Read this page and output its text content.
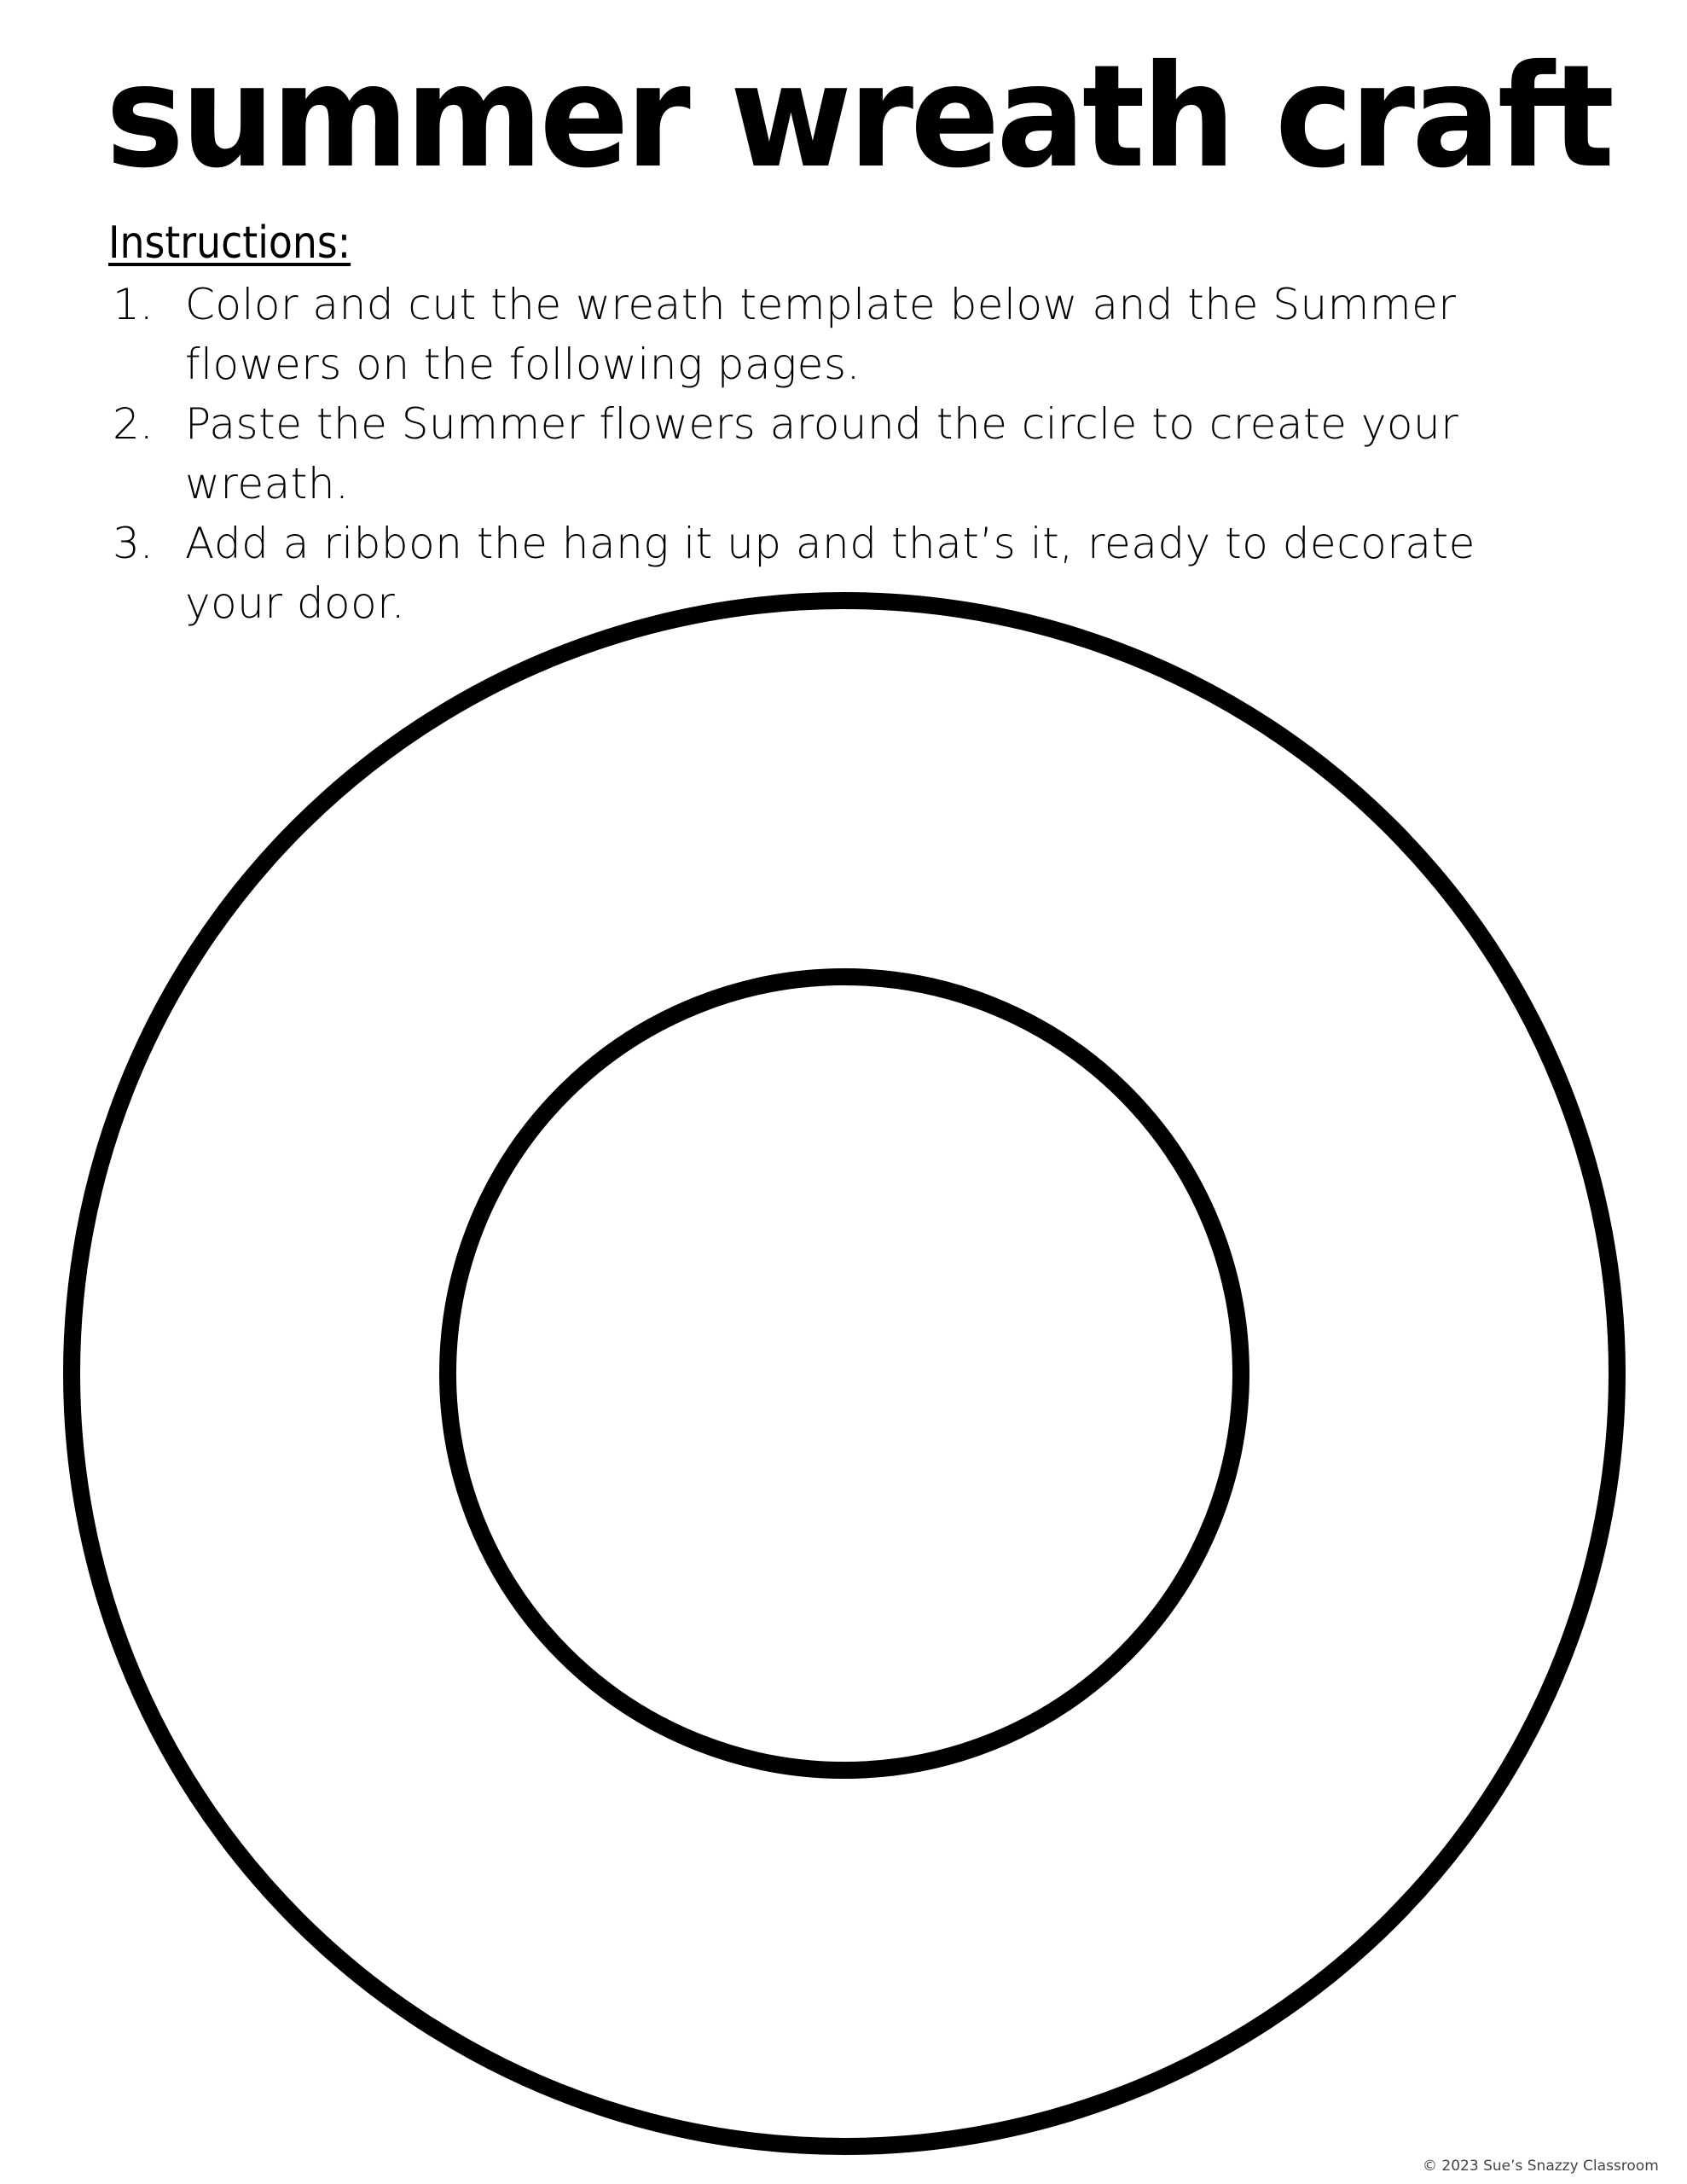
summer wreath craft
Instructions:
1. Color and cut the wreath template below and the Summer flowers on the following pages.
2. Paste the Summer flowers around the circle to create your wreath.
3. Add a ribbon the hang it up and that’s it, ready to decorate your door.
© 2023 Sue’s Snazzy Classroom
